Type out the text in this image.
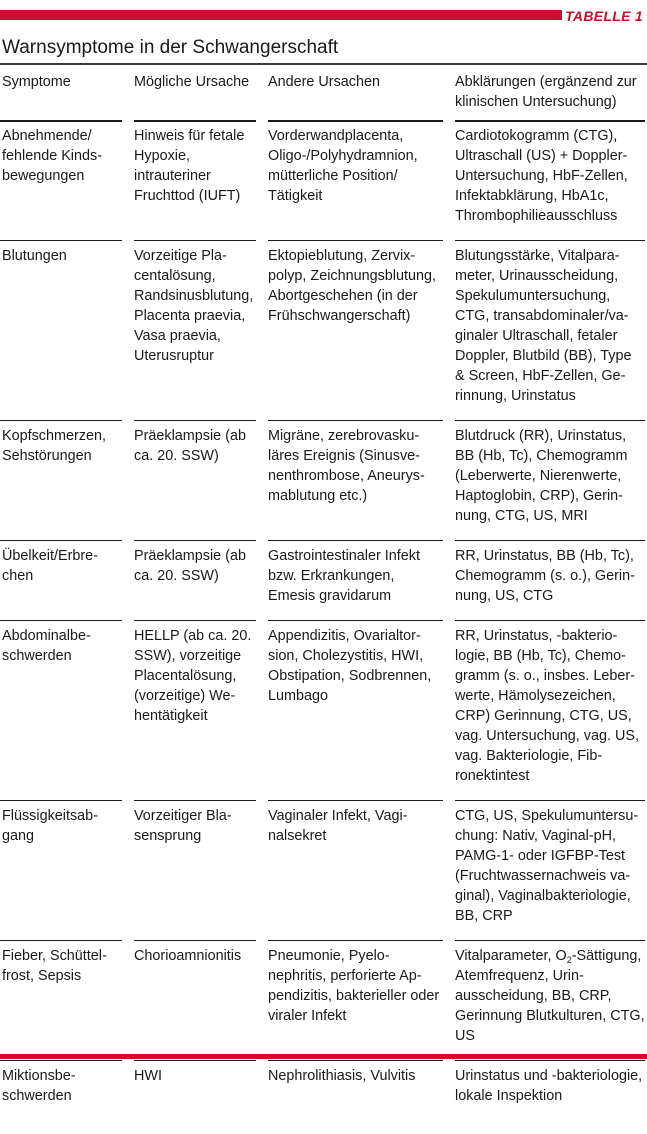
TABELLE 1
Warnsymptome in der Schwangerschaft
Symptome	Mögliche Ursache	Andere Ursachen	Abklärungen (ergänzend zur klinischen Untersuchung)

Abnehmende/ fehlende Kindsbewegungen	Hinweis für fetale Hypoxie, intrauteriner Fruchttod (IUFT)	Vorderwandplacenta, Oligo-/Polyhydramnion, mütterliche Position/ Tätigkeit	Cardiotokogramm (CTG), Ultraschall (US) + Doppler-Untersuchung, HbF-Zellen, Infektabklärung, HbA1c, Thrombophilieausschluss

Blutungen	Vorzeitige Placentalösung, Randsinusblutung, Placenta praevia, Vasa praevia, Uterusruptur	Ektopieblutung, Zervixpolyp, Zeichnungsblutung, Abortgeschehen (in der Frühschwangerschaft)	Blutungsstärke, Vitalparameter, Urinausscheidung, Spekulumuntersuchung, CTG, transabdominaler/vaginaler Ultraschall, fetaler Doppler, Blutbild (BB), Type & Screen, HbF-Zellen, Gerinnung, Urinstatus

Kopfschmerzen, Sehstörungen	Präeklampsie (ab ca. 20. SSW)	Migräne, zerebrovaskuläres Ereignis (Sinusvenenthrombose, Aneurysmablutung etc.)	Blutdruck (RR), Urinstatus, BB (Hb, Tc), Chemogramm (Leberwerte, Nierenwerte, Haptoglobin, CRP), Gerinnung, CTG, US, MRI

Übelkeit/Erbrechen	Präeklampsie (ab ca. 20. SSW)	Gastrointestinaler Infekt bzw. Erkrankungen, Emesis gravidarum	RR, Urinstatus, BB (Hb, Tc), Chemogramm (s. o.), Gerinnung, US, CTG

Abdominalbeschwerden	HELLP (ab ca. 20. SSW), vorzeitige Placentalösung, (vorzeitige) Wehentätigkeit	Appendizitis, Ovarialtorsion, Cholezystitis, HWI, Obstipation, Sodbrennen, Lumbago	RR, Urinstatus, -bakteriologie, BB (Hb, Tc), Chemogramm (s. o., insbes. Leberwerte, Hämolysezeichen, CRP) Gerinnung, CTG, US, vag. Untersuchung, vag. US, vag. Bakteriologie, Fibronektintest

Flüssigkeitsabgang	Vorzeitiger Blasensprung	Vaginaler Infekt, Vaginalsekret	CTG, US, Spekulumuntersuchung: Nativ, Vaginal-pH, PAMG-1- oder IGFBP-Test (Fruchtwassernachweis vaginal), Vaginalbakteriologie, BB, CRP

Fieber, Schüttelfrost, Sepsis	Chorioamnionitis	Pneumonie, Pyelonephritis, perforierte Appendizitis, bakterieller oder viraler Infekt	Vitalparameter, $O_2$-Sättigung, Atemfrequenz, Urinausscheidung, BB, CRP, Gerinnung Blutkulturen, CTG, US

Miktionsbeschwerden	HWI	Nephrolithiasis, Vulvitis	Urinstatus und -bakteriologie, lokale Inspektion
